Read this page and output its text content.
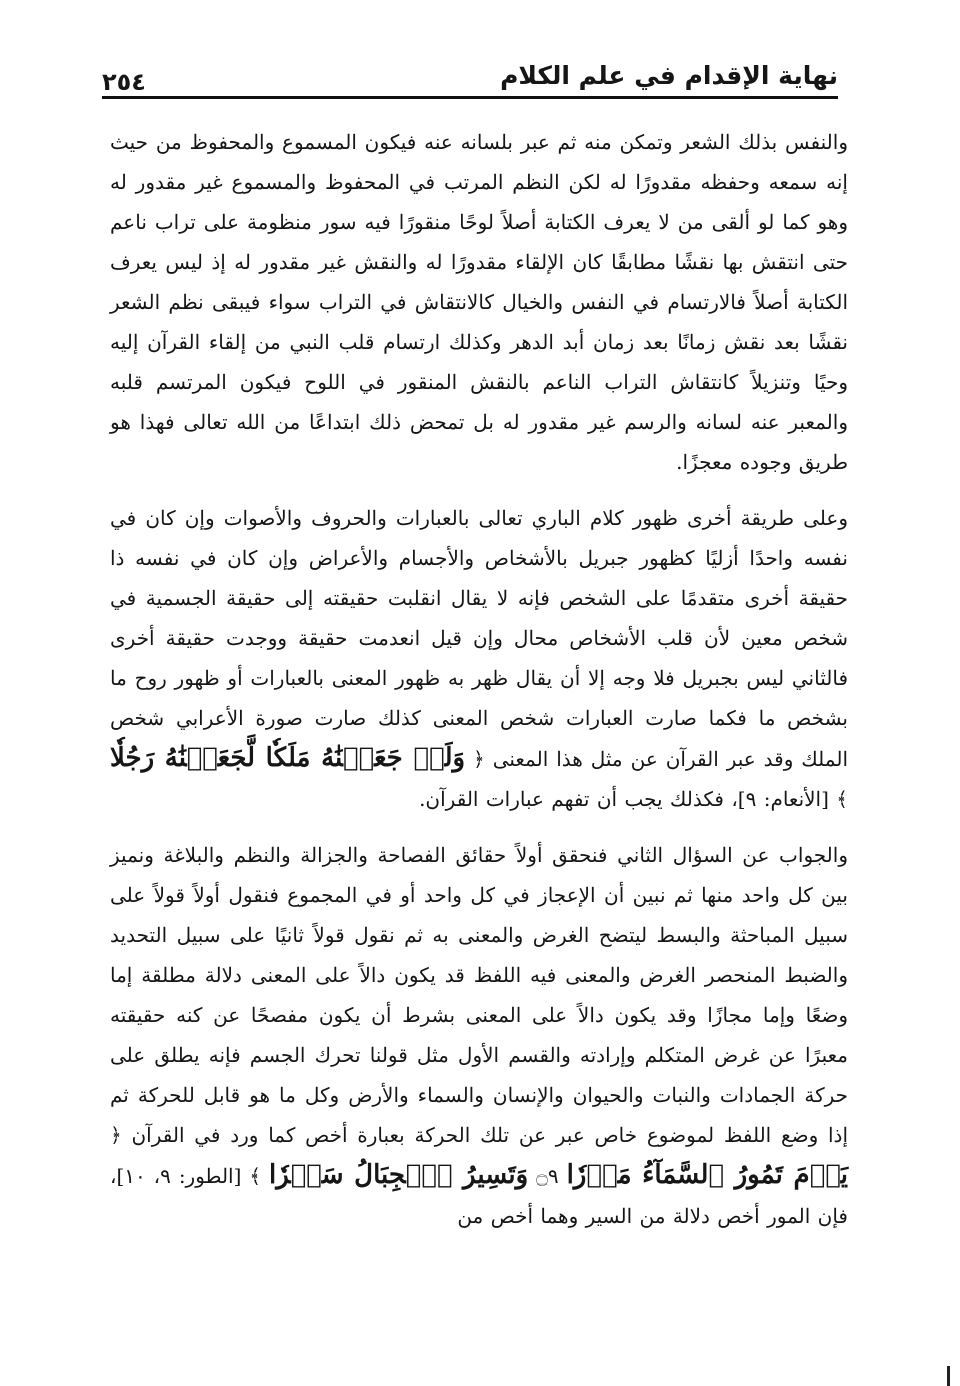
نهاية الإقدام في علم الكلام
٢٥٤

والنفس بذلك الشعر وتمكن منه ثم عبر بلسانه عنه فيكون المسموع والمحفوظ من حيث إنه سمعه وحفظه مقدورًا له لكن النظم المرتب في المحفوظ والمسموع غير مقدور له وهو كما لو ألقى من لا يعرف الكتابة أصلاً لوحًا منقورًا فيه سور منظومة على تراب ناعم حتى انتقش بها نقشًا مطابقًا كان الإلقاء مقدورًا له والنقش غير مقدور له إذ ليس يعرف الكتابة أصلاً فالارتسام في النفس والخيال كالانتقاش في التراب سواء فيبقى نظم الشعر نقشًا بعد نقش زمانًا بعد زمان أبد الدهر وكذلك ارتسام قلب النبي من إلقاء القرآن إليه وحيًا وتنزيلاً كانتقاش التراب الناعم بالنقش المنقور في اللوح فيكون المرتسم قلبه والمعبر عنه لسانه والرسم غير مقدور له بل تمحض ذلك ابتداعًا من الله تعالى فهذا هو طريق وجوده معجزًا.

وعلى طريقة أخرى ظهور كلام الباري تعالى بالعبارات والحروف والأصوات وإن كان في نفسه واحدًا أزليًا كظهور جبريل بالأشخاص والأجسام والأعراض وإن كان في نفسه ذا حقيقة أخرى متقدمًا على الشخص فإنه لا يقال انقلبت حقيقته إلى حقيقة الجسمية في شخص معين لأن قلب الأشخاص محال وإن قيل انعدمت حقيقة ووجدت حقيقة أخرى فالثاني ليس بجبريل فلا وجه إلا أن يقال ظهر به ظهور المعنى بالعبارات أو ظهور روح ما بشخص ما فكما صارت العبارات شخص المعنى كذلك صارت صورة الأعرابي شخص الملك وقد عبر القرآن عن مثل هذا المعنى ﴿ وَلَوۡ جَعَلۡنَٰهُ مَلَكٗا لَّجَعَلۡنَٰهُ رَجُلٗا ﴾ [الأنعام: ٩]، فكذلك يجب أن تفهم عبارات القرآن.

والجواب عن السؤال الثاني فنحقق أولاً حقائق الفصاحة والجزالة والنظم والبلاغة ونميز بين كل واحد منها ثم نبين أن الإعجاز في كل واحد أو في المجموع فنقول أولاً قولاً على سبيل المباحثة والبسط ليتضح الغرض والمعنى به ثم نقول قولاً ثانيًا على سبيل التحديد والضبط المنحصر الغرض والمعنى فيه اللفظ قد يكون دالاً على المعنى دلالة مطلقة إما وضعًا وإما مجازًا وقد يكون دالاً على المعنى بشرط أن يكون مفصحًا عن كنه حقيقته معبرًا عن غرض المتكلم وإرادته والقسم الأول مثل قولنا تحرك الجسم فإنه يطلق على حركة الجمادات والنبات والحيوان والإنسان والسماء والأرض وكل ما هو قابل للحركة ثم إذا وضع اللفظ لموضوع خاص عبر عن تلك الحركة بعبارة أخص كما ورد في القرآن ﴿ يَوۡمَ تَمُورُ ٱلسَّمَآءُ مَوۡرٗا ۝٩ وَتَسِيرُ ٱلۡجِبَالُ سَيۡرٗا ﴾ [الطور: ٩، ١٠]، فإن المور أخص دلالة من السير وهما أخص من
